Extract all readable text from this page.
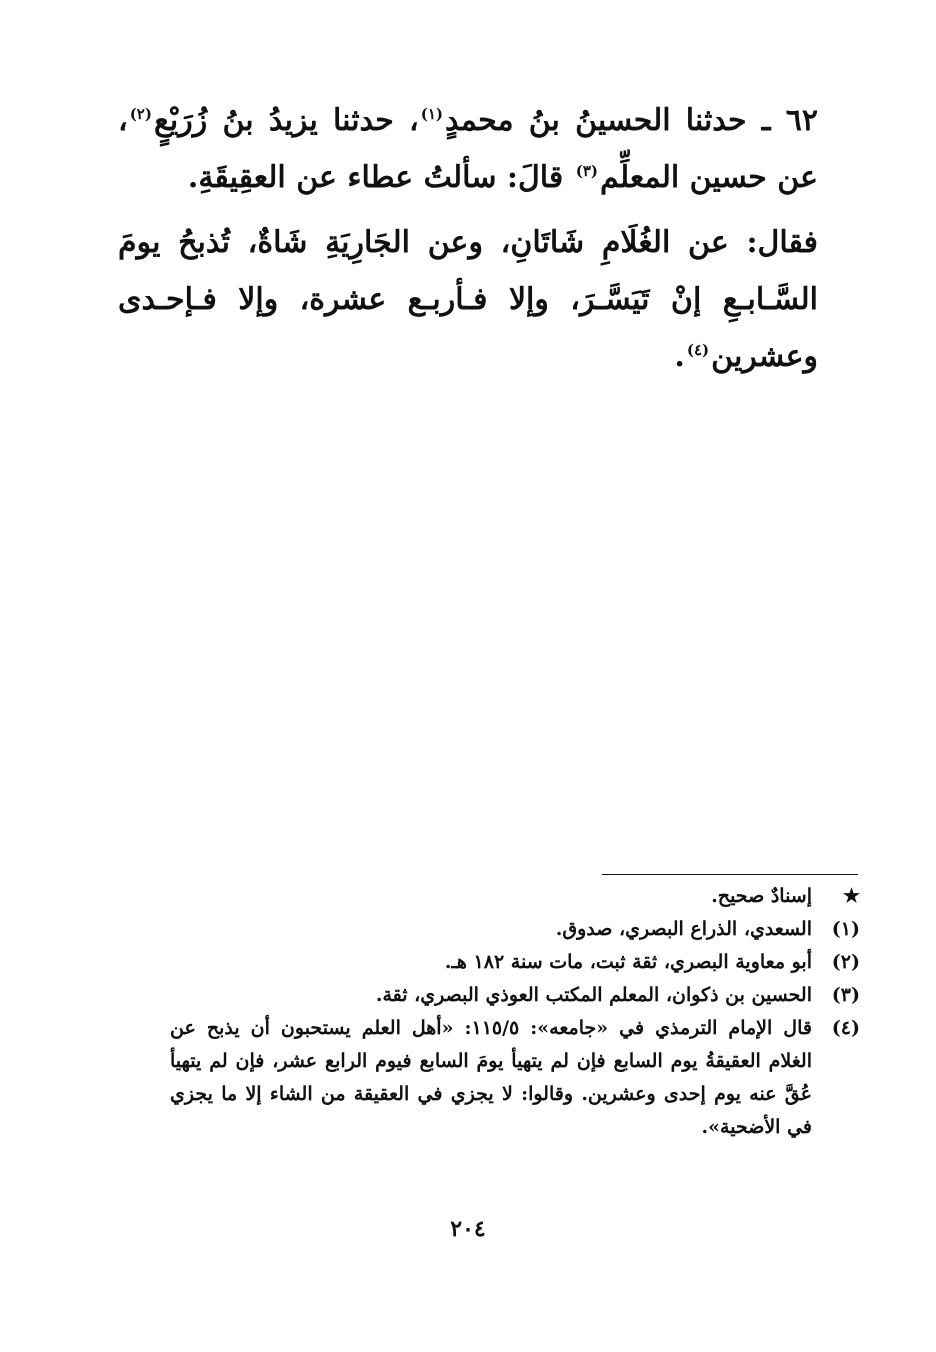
٦٢ ـ حدثنا الحسينُ بنُ محمدٍ$^{(١)}$، حدثنا يزيدُ بنُ زُرَيْعٍ$^{(٢)}$، عن حسين المعلِّم$^{(٣)}$ قالَ: سألتُ عطاء عن العقِيقَةِ.

فقال: عن الغُلَامِ شَاتَانِ، وعن الجَارِيَةِ شَاةٌ، تُذبحُ يومَ السَّـابـعِ إنْ تَيَسَّـرَ، وإلا فـأربـع عشرة، وإلا فـإحـدى وعشرين$^{(٤)}$.

★
إسنادٌ صحيح.
(١)
السعدي، الذراع البصري، صدوق.
(٢)
أبو معاوية البصري، ثقة ثبت، مات سنة ١٨٢ هـ.
(٣)
الحسين بن ذكوان، المعلم المكتب العوذي البصري، ثقة.
(٤)
قال الإمام الترمذي في «جامعه»: ١١٥/٥: «أهل العلم يستحبون أن يذبح عن الغلام العقيقةُ يوم السابع فإن لم يتهيأ يومَ السابع فيوم الرابع عشر، فإن لم يتهيأ عُقَّ عنه يوم إحدى وعشرين. وقالوا: لا يجزي في العقيقة من الشاء إلا ما يجزي في الأضحية».
٢٠٤
